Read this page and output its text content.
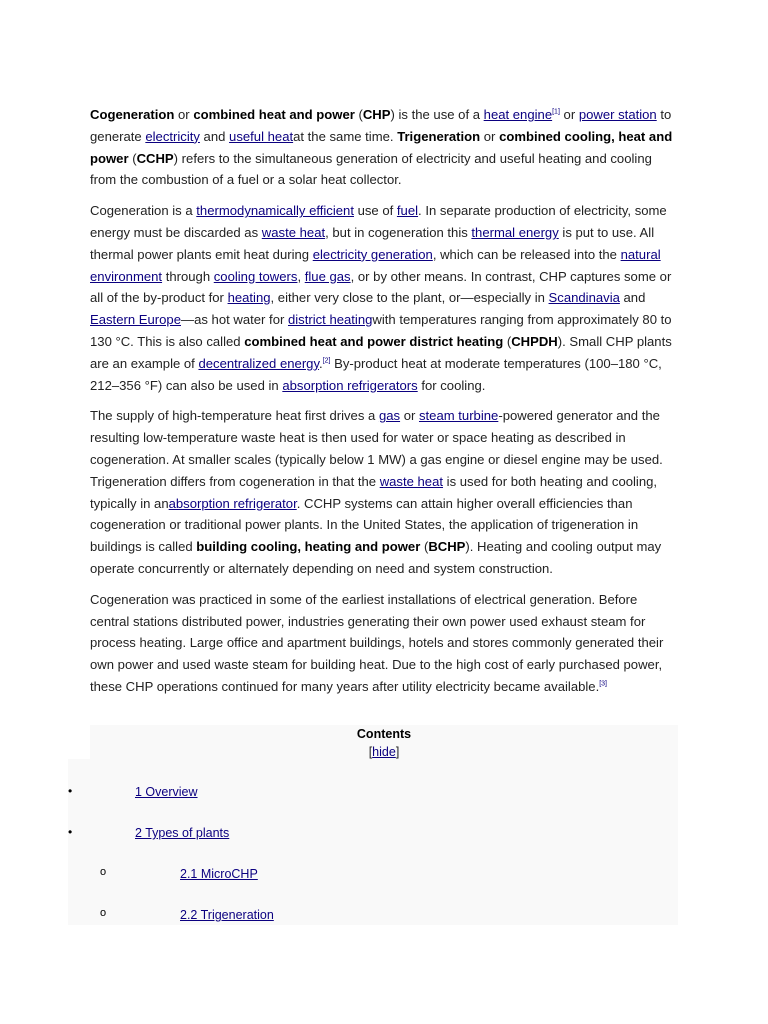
Cogeneration or combined heat and power (CHP) is the use of a heat engine[1] or power station to generate electricity and useful heatat the same time. Trigeneration or combined cooling, heat and power (CCHP) refers to the simultaneous generation of electricity and useful heating and cooling from the combustion of a fuel or a solar heat collector.

Cogeneration is a thermodynamically efficient use of fuel. In separate production of electricity, some energy must be discarded as waste heat, but in cogeneration this thermal energy is put to use. All thermal power plants emit heat during electricity generation, which can be released into the natural environment through cooling towers, flue gas, or by other means. In contrast, CHP captures some or all of the by-product for heating, either very close to the plant, or—especially in Scandinavia and Eastern Europe—as hot water for district heatingwith temperatures ranging from approximately 80 to 130 °C. This is also called combined heat and power district heating (CHPDH). Small CHP plants are an example of decentralized energy.[2] By-product heat at moderate temperatures (100–180 °C, 212–356 °F) can also be used in absorption refrigerators for cooling.

The supply of high-temperature heat first drives a gas or steam turbine-powered generator and the resulting low-temperature waste heat is then used for water or space heating as described in cogeneration. At smaller scales (typically below 1 MW) a gas engine or diesel engine may be used. Trigeneration differs from cogeneration in that the waste heat is used for both heating and cooling, typically in anabsorption refrigerator. CCHP systems can attain higher overall efficiencies than cogeneration or traditional power plants. In the United States, the application of trigeneration in buildings is called building cooling, heating and power (BCHP). Heating and cooling output may operate concurrently or alternately depending on need and system construction.

Cogeneration was practiced in some of the earliest installations of electrical generation. Before central stations distributed power, industries generating their own power used exhaust steam for process heating. Large office and apartment buildings, hotels and stores commonly generated their own power and used waste steam for building heat. Due to the high cost of early purchased power, these CHP operations continued for many years after utility electricity became available.[3]

Contents
[hide]
•	1 Overview
•	2 Types of plants
o	2.1 MicroCHP
o	2.2 Trigeneration
